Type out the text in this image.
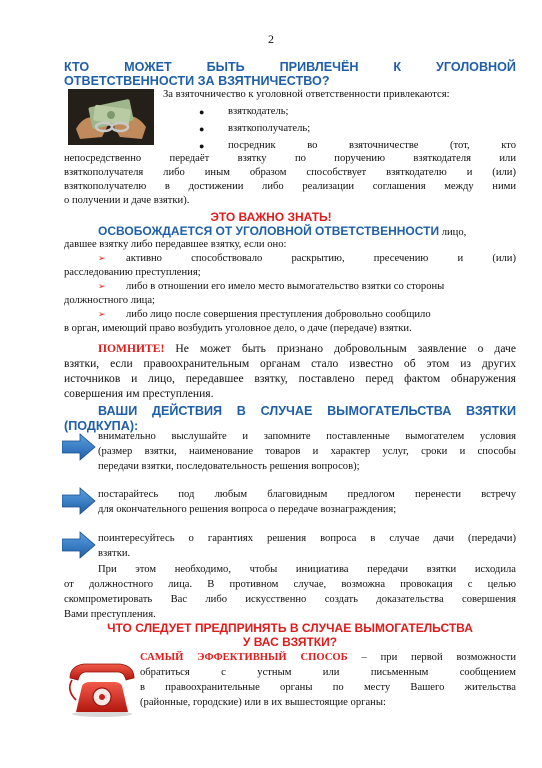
2
КТО МОЖЕТ БЫТЬ ПРИВЛЕЧЁН К УГОЛОВНОЙ
ОТВЕТСТВЕННОСТИ ЗА ВЗЯТНИЧЕСТВО?
За взяточничество к уголовной ответственности привлекаются:
● взяткодатель;
● взяткополучатель;
● посредник во взяточничестве (тот, кто
непосредственно передаёт взятку по поручению взяткодателя или
взяткополучателя либо иным образом способствует взяткодателю и (или)
взяткополучателю в достижении либо реализации соглашения между ними
о получении и даче взятки).
ЭТО ВАЖНО ЗНАТЬ!
ОСВОБОЖДАЕТСЯ ОТ УГОЛОВНОЙ ОТВЕТСТВЕННОСТИ лицо,
давшее взятку либо передавшее взятку, если оно:
➢ активно способствовало раскрытию, пресечению и (или)
расследованию преступления;
➢ либо в отношении его имело место вымогательство взятки со стороны
должностного лица;
➢ либо лицо после совершения преступления добровольно сообщило
в орган, имеющий право возбудить уголовное дело, о даче (передаче) взятки.
ПОМНИТЕ! Не может быть признано добровольным заявление о даче
взятки, если правоохранительным органам стало известно об этом из других
источников и лицо, передавшее взятку, поставлено перед фактом обнаружения
совершения им преступления.
ВАШИ ДЕЙСТВИЯ В СЛУЧАЕ ВЫМОГАТЕЛЬСТВА ВЗЯТКИ
(ПОДКУПА):
внимательно выслушайте и запомните поставленные вымогателем условия
(размер взятки, наименование товаров и характер услуг, сроки и способы
передачи взятки, последовательность решения вопросов);
постарайтесь под любым благовидным предлогом перенести встречу
для окончательного решения вопроса о передаче вознаграждения;
поинтересуйтесь о гарантиях решения вопроса в случае дачи (передачи)
взятки.
При этом необходимо, чтобы инициатива передачи взятки исходила
от должностного лица. В противном случае, возможна провокация с целью
скомпрометировать Вас либо искусственно создать доказательства совершения
Вами преступления.
ЧТО СЛЕДУЕТ ПРЕДПРИНЯТЬ В СЛУЧАЕ ВЫМОГАТЕЛЬСТВА
У ВАС ВЗЯТКИ?
САМЫЙ ЭФФЕКТИВНЫЙ СПОСОБ – при первой возможности
обратиться с устным или письменным сообщением
в правоохранительные органы по месту Вашего жительства
(районные, городские) или в их вышестоящие органы:
